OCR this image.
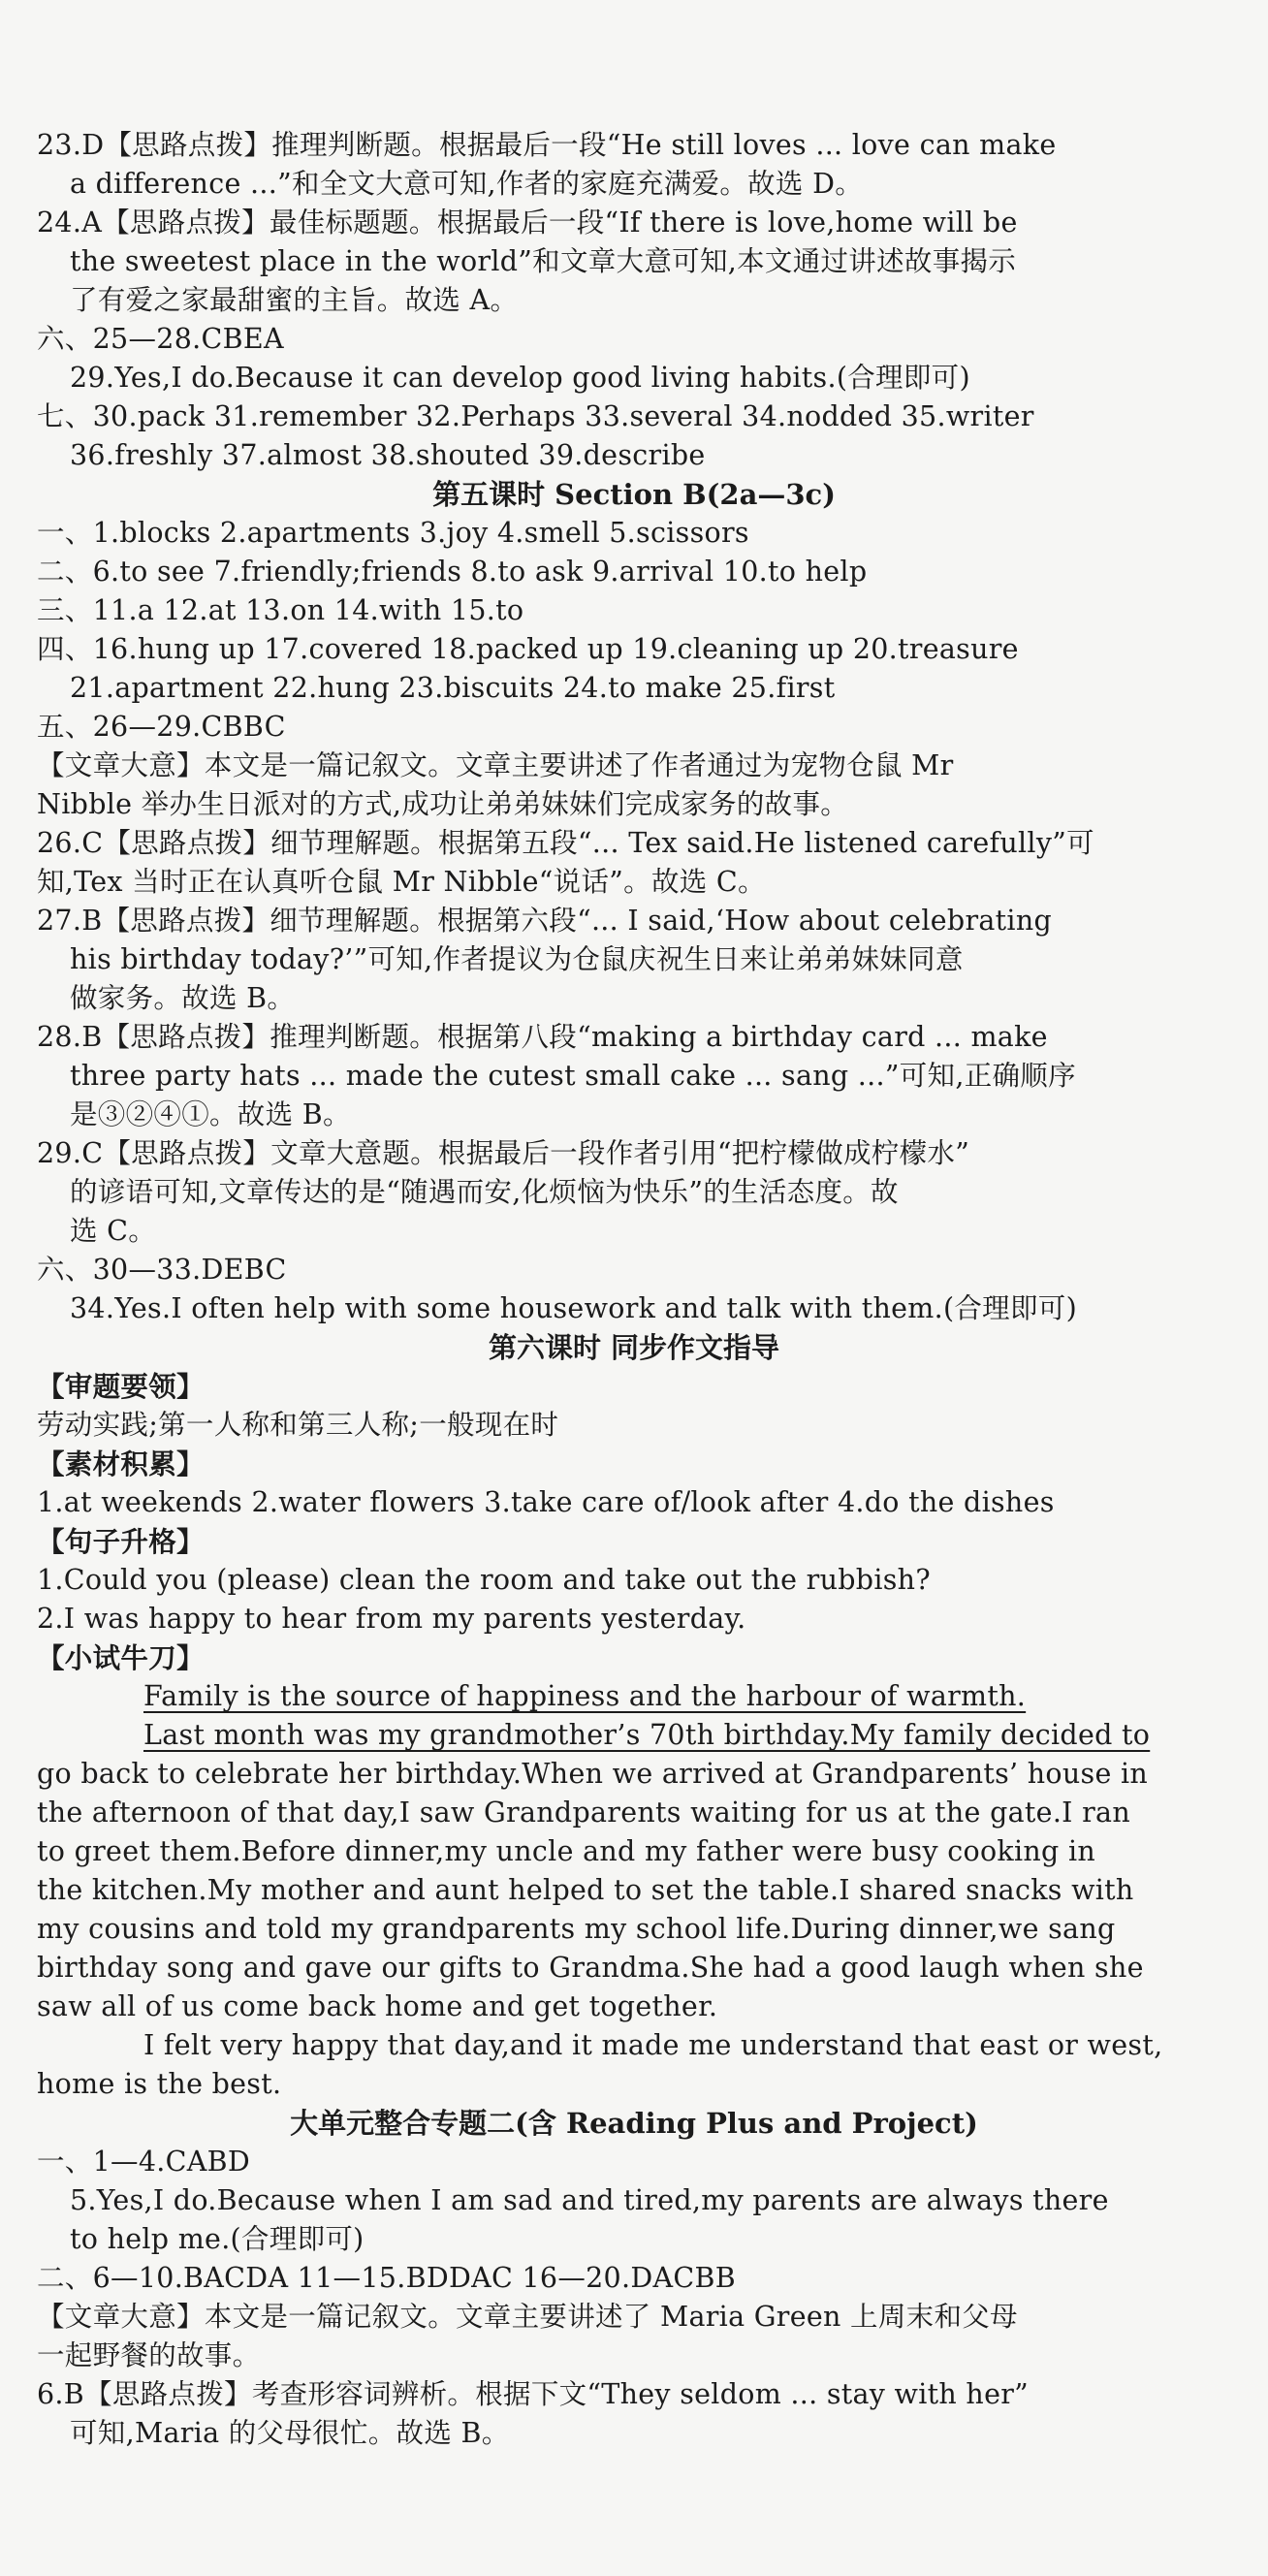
23.D【思路点拨】推理判断题。根据最后一段“He still loves ... love can make
a difference ...”和全文大意可知,作者的家庭充满爱。故选 D。
24.A【思路点拨】最佳标题题。根据最后一段“If there is love,home will be
the sweetest place in the world”和文章大意可知,本文通过讲述故事揭示
了有爱之家最甜蜜的主旨。故选 A。
六、25—28.CBEA
29.Yes,I do.Because it can develop good living habits.(合理即可)
七、30.pack 31.remember 32.Perhaps 33.several 34.nodded 35.writer
36.freshly 37.almost 38.shouted 39.describe
一、1.blocks 2.apartments 3.joy 4.smell 5.scissors
二、6.to see 7.friendly;friends 8.to ask 9.arrival 10.to help
三、11.a 12.at 13.on 14.with 15.to
四、16.hung up 17.covered 18.packed up 19.cleaning up 20.treasure
21.apartment 22.hung 23.biscuits 24.to make 25.first
五、26—29.CBBC
【文章大意】本文是一篇记叙文。文章主要讲述了作者通过为宠物仓鼠 Mr
Nibble 举办生日派对的方式,成功让弟弟妹妹们完成家务的故事。
26.C【思路点拨】细节理解题。根据第五段“... Tex said.He listened carefully”可
知,Tex 当时正在认真听仓鼠 Mr Nibble“说话”。故选 C。
27.B【思路点拨】细节理解题。根据第六段“... I said,‘How about celebrating
his birthday today?’”可知,作者提议为仓鼠庆祝生日来让弟弟妹妹同意
做家务。故选 B。
28.B【思路点拨】推理判断题。根据第八段“making a birthday card ... make
three party hats ... made the cutest small cake ... sang ...”可知,正确顺序
是③②④①。故选 B。
29.C【思路点拨】文章大意题。根据最后一段作者引用“把柠檬做成柠檬水”
的谚语可知,文章传达的是“随遇而安,化烦恼为快乐”的生活态度。故
选 C。
六、30—33.DEBC
34.Yes.I often help with some housework and talk with them.(合理即可)
【审题要领】
劳动实践;第一人称和第三人称;一般现在时
【素材积累】
1.at weekends 2.water flowers 3.take care of/look after 4.do the dishes
【句子升格】
1.Could you (please) clean the room and take out the rubbish?
2.I was happy to hear from my parents yesterday.
【小试牛刀】
Family is the source of happiness and the harbour of warmth.
Last month was my grandmother’s 70th birthday.My family decided to
go back to celebrate her birthday.When we arrived at Grandparents’ house in
the afternoon of that day,I saw Grandparents waiting for us at the gate.I ran
to greet them.Before dinner,my uncle and my father were busy cooking in
the kitchen.My mother and aunt helped to set the table.I shared snacks with
my cousins and told my grandparents my school life.During dinner,we sang
birthday song and gave our gifts to Grandma.She had a good laugh when she
saw all of us come back home and get together.
I felt very happy that day,and it made me understand that east or west,
home is the best.
一、1—4.CABD
5.Yes,I do.Because when I am sad and tired,my parents are always there
to help me.(合理即可)
二、6—10.BACDA 11—15.BDDAC 16—20.DACBB
【文章大意】本文是一篇记叙文。文章主要讲述了 Maria Green 上周末和父母
一起野餐的故事。
6.B【思路点拨】考查形容词辨析。根据下文“They seldom ... stay with her”
可知,Maria 的父母很忙。故选 B。
第五课时 Section B(2a—3c)
第六课时 同步作文指导
大单元整合专题二(含 Reading Plus and Project)
